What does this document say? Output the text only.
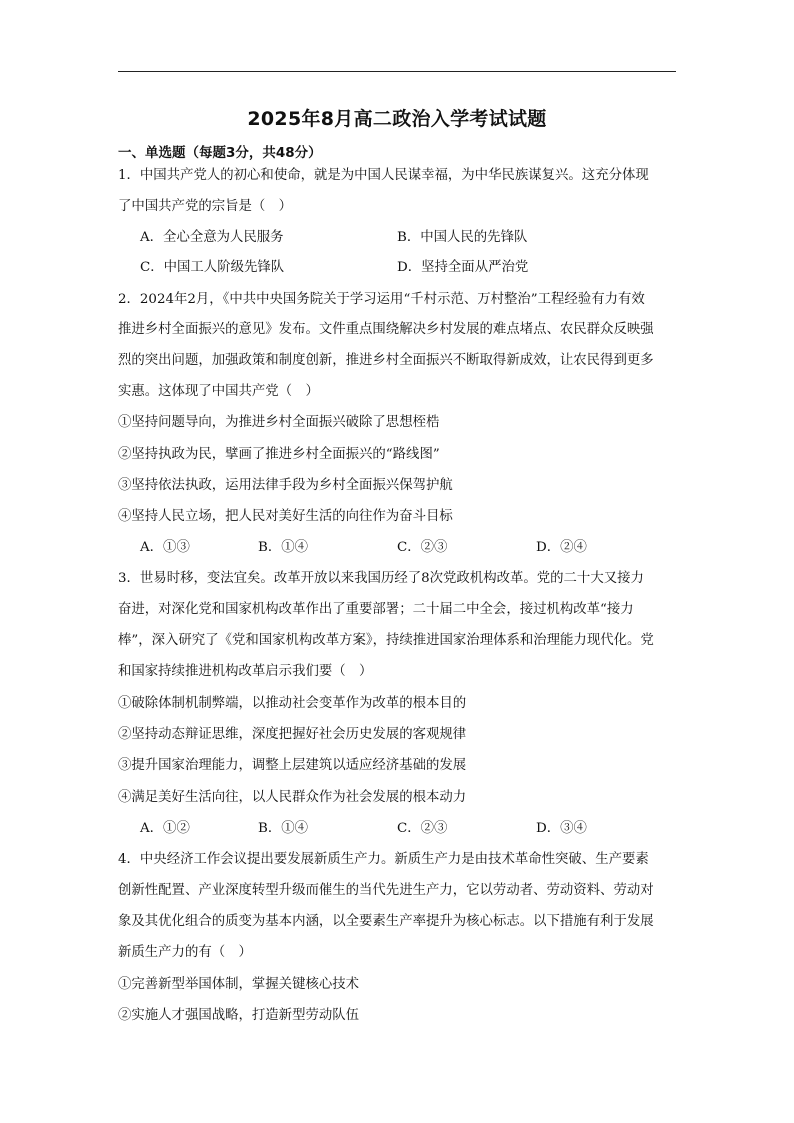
2025年8月高二政治入学考试试题
一、单选题（每题3分，共48分）
1．中国共产党人的初心和使命，就是为中国人民谋幸福，为中华民族谋复兴。这充分体现
了中国共产党的宗旨是（　）
A．全心全意为人民服务	B．中国人民的先锋队
C．中国工人阶级先锋队	D．坚持全面从严治党
2．2024年2月，《中共中央国务院关于学习运用“千村示范、万村整治”工程经验有力有效
推进乡村全面振兴的意见》发布。文件重点围绕解决乡村发展的难点堵点、农民群众反映强
烈的突出问题，加强政策和制度创新，推进乡村全面振兴不断取得新成效，让农民得到更多
实惠。这体现了中国共产党（　）
①坚持问题导向，为推进乡村全面振兴破除了思想桎梏
②坚持执政为民，擘画了推进乡村全面振兴的“路线图”
③坚持依法执政，运用法律手段为乡村全面振兴保驾护航
④坚持人民立场，把人民对美好生活的向往作为奋斗目标
A．①③	B．①④	C．②③	D．②④
3．世易时移，变法宜矣。改革开放以来我国历经了8次党政机构改革。党的二十大又接力
奋进，对深化党和国家机构改革作出了重要部署；二十届二中全会，接过机构改革“接力
棒”，深入研究了《党和国家机构改革方案》，持续推进国家治理体系和治理能力现代化。党
和国家持续推进机构改革启示我们要（　）
①破除体制机制弊端，以推动社会变革作为改革的根本目的
②坚持动态辩证思维，深度把握好社会历史发展的客观规律
③提升国家治理能力，调整上层建筑以适应经济基础的发展
④满足美好生活向往，以人民群众作为社会发展的根本动力
A．①②	B．①④	C．②③	D．③④
4．中央经济工作会议提出要发展新质生产力。新质生产力是由技术革命性突破、生产要素
创新性配置、产业深度转型升级而催生的当代先进生产力，它以劳动者、劳动资料、劳动对
象及其优化组合的质变为基本内涵，以全要素生产率提升为核心标志。以下措施有利于发展
新质生产力的有（　）
①完善新型举国体制，掌握关键核心技术
②实施人才强国战略，打造新型劳动队伍
